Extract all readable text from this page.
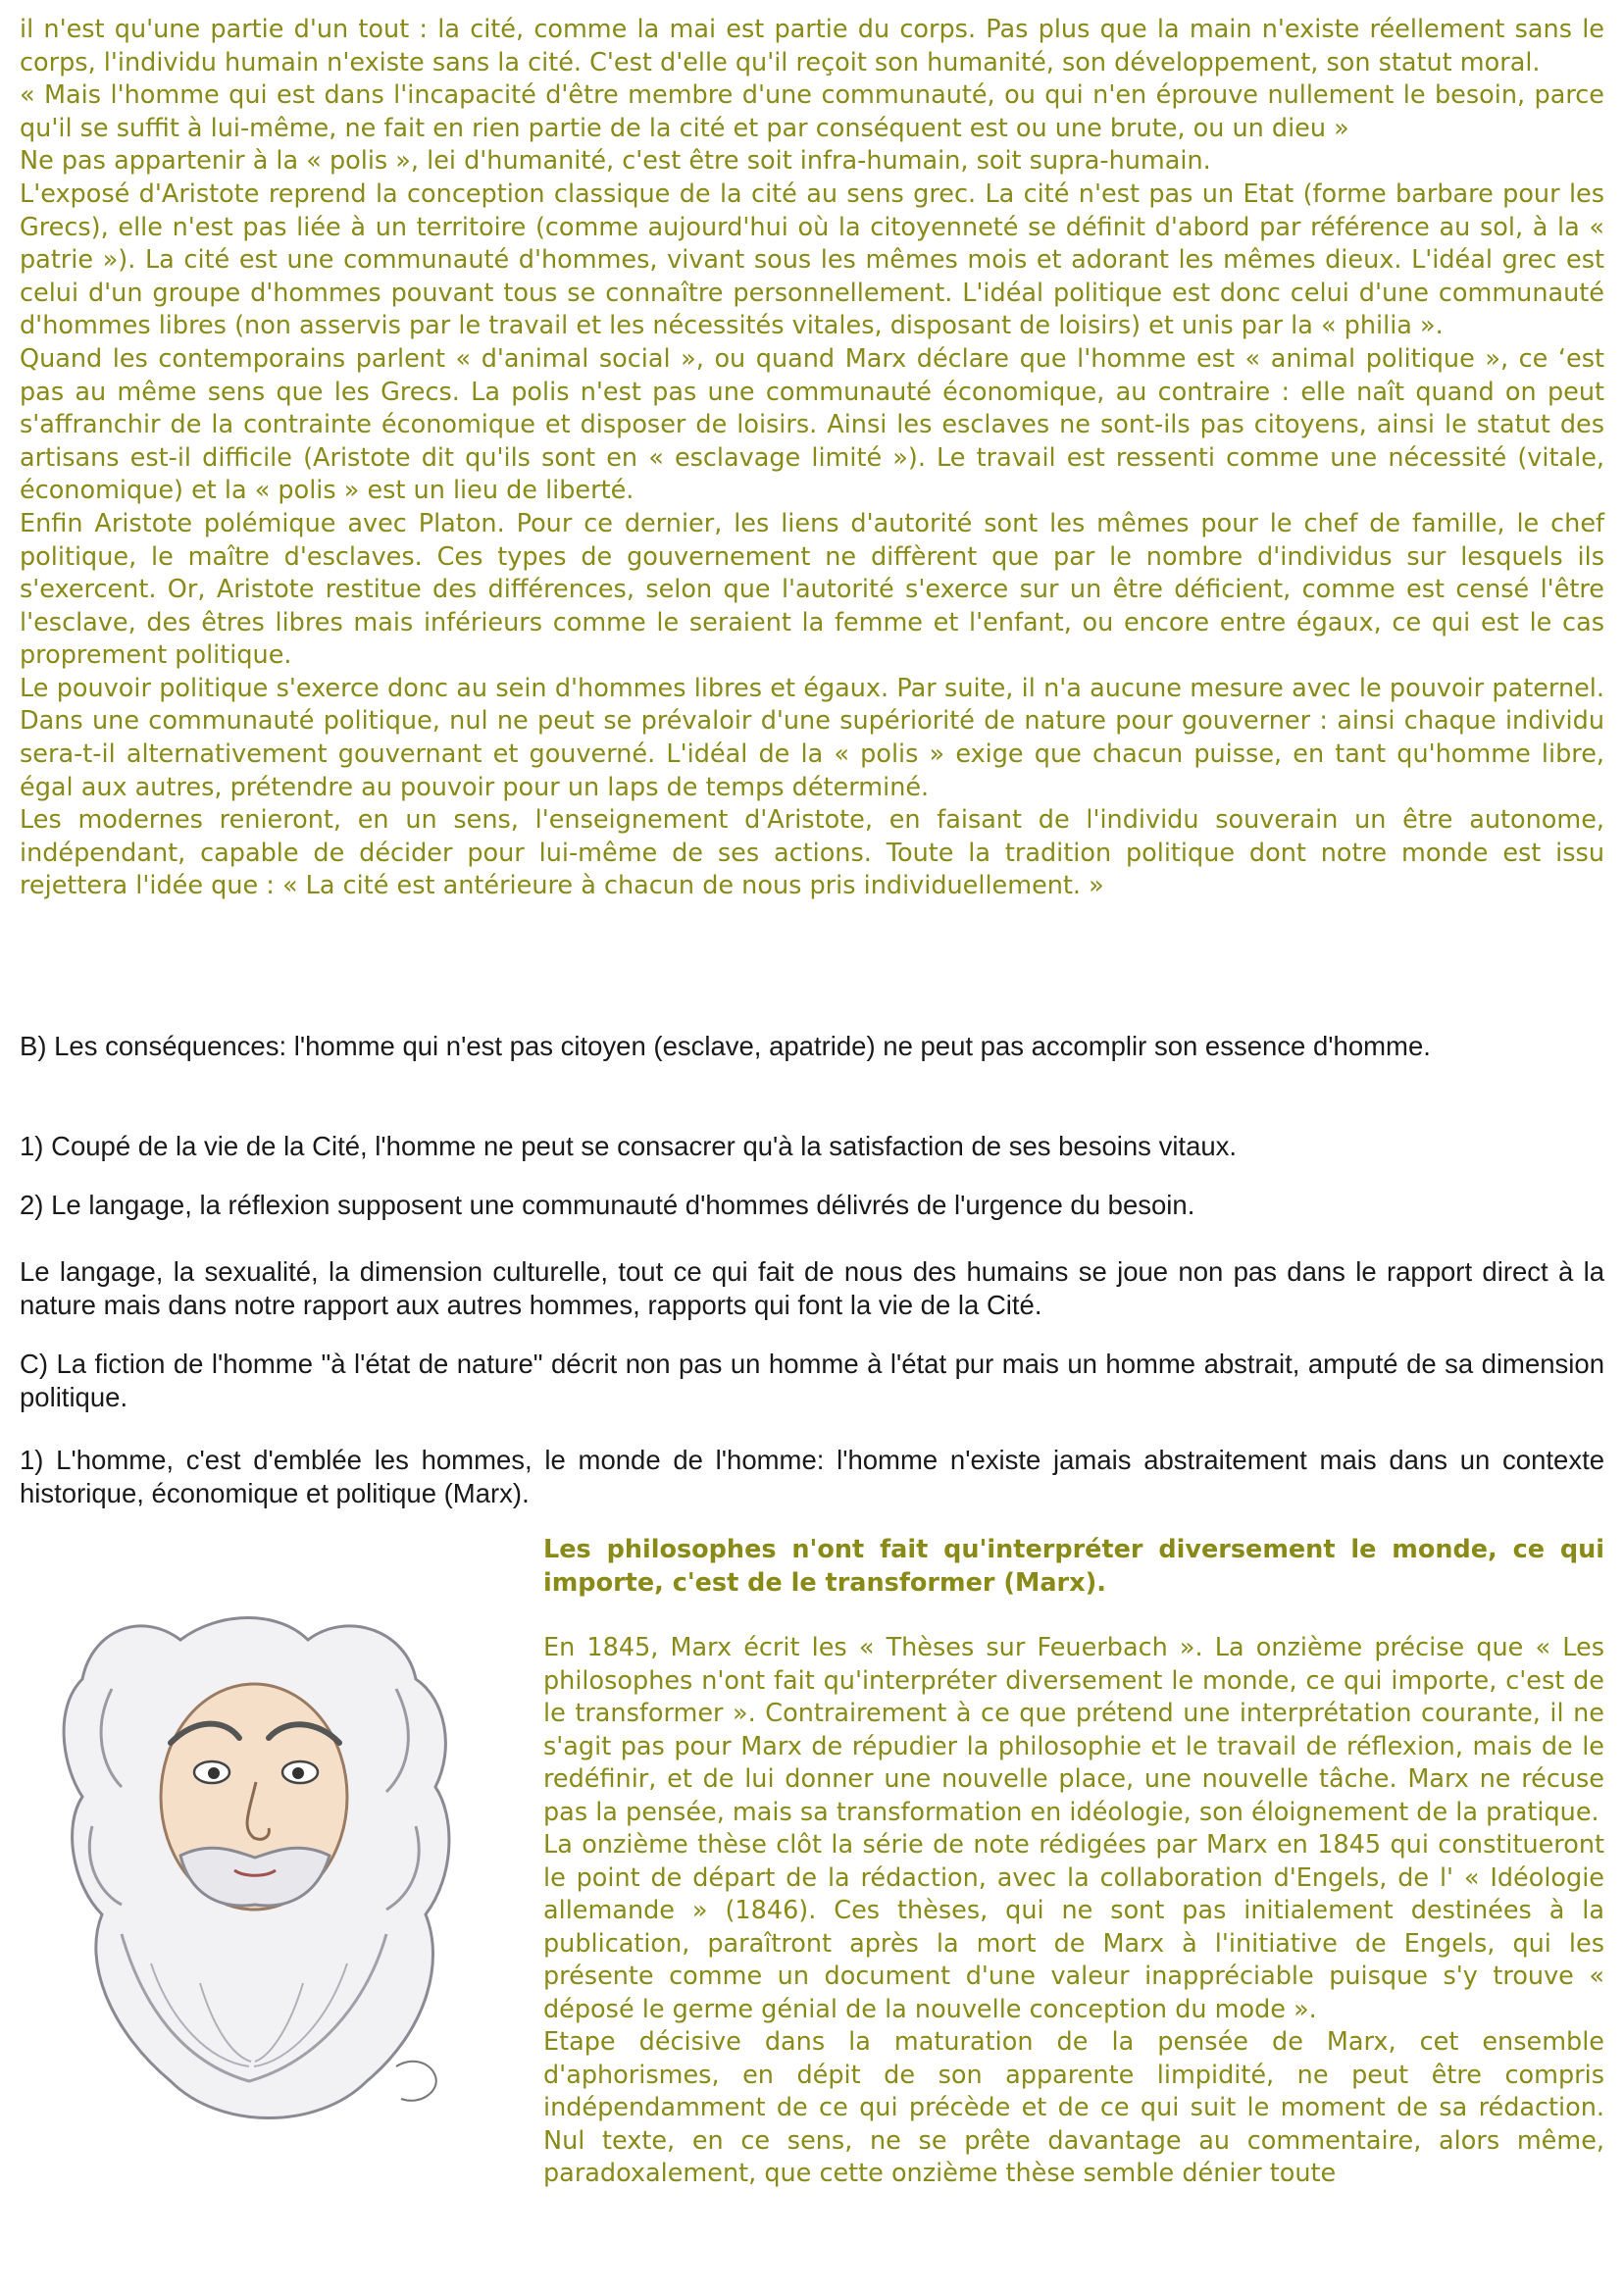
il n'est qu'une partie d'un tout : la cité, comme la mai est partie du corps. Pas plus que la main n'existe réellement sans le corps, l'individu humain n'existe sans la cité. C'est d'elle qu'il reçoit son humanité, son développement, son statut moral.

« Mais l'homme qui est dans l'incapacité d'être membre d'une communauté, ou qui n'en éprouve nullement le besoin, parce qu'il se suffit à lui-même, ne fait en rien partie de la cité et par conséquent est ou une brute, ou un dieu »

Ne pas appartenir à la « polis », lei d'humanité, c'est être soit infra-humain, soit supra-humain.

L'exposé d'Aristote reprend la conception classique de la cité au sens grec. La cité n'est pas un Etat (forme barbare pour les Grecs), elle n'est pas liée à un territoire (comme aujourd'hui où la citoyenneté se définit d'abord par référence au sol, à la « patrie »). La cité est une communauté d'hommes, vivant sous les mêmes mois et adorant les mêmes dieux. L'idéal grec est celui d'un groupe d'hommes pouvant tous se connaître personnellement. L'idéal politique est donc celui d'une communauté d'hommes libres (non asservis par le travail et les nécessités vitales, disposant de loisirs) et unis par la « philia ».

Quand les contemporains parlent « d'animal social », ou quand Marx déclare que l'homme est « animal politique », ce ‘est pas au même sens que les Grecs. La polis n'est pas une communauté économique, au contraire : elle naît quand on peut s'affranchir de la contrainte économique et disposer de loisirs. Ainsi les esclaves ne sont-ils pas citoyens, ainsi le statut des artisans est-il difficile (Aristote dit qu'ils sont en « esclavage limité »). Le travail est ressenti comme une nécessité (vitale, économique) et la « polis » est un lieu de liberté.

Enfin Aristote polémique avec Platon. Pour ce dernier, les liens d'autorité sont les mêmes pour le chef de famille, le chef politique, le maître d'esclaves. Ces types de gouvernement ne diffèrent que par le nombre d'individus sur lesquels ils s'exercent. Or, Aristote restitue des différences, selon que l'autorité s'exerce sur un être déficient, comme est censé l'être l'esclave, des êtres libres mais inférieurs comme le seraient la femme et l'enfant, ou encore entre égaux, ce qui est le cas proprement politique.

Le pouvoir politique s'exerce donc au sein d'hommes libres et égaux. Par suite, il n'a aucune mesure avec le pouvoir paternel. Dans une communauté politique, nul ne peut se prévaloir d'une supériorité de nature pour gouverner : ainsi chaque individu sera-t-il alternativement gouvernant et gouverné. L'idéal de la « polis » exige que chacun puisse, en tant qu'homme libre, égal aux autres, prétendre au pouvoir pour un laps de temps déterminé.

Les modernes renieront, en un sens, l'enseignement d'Aristote, en faisant de l'individu souverain un être autonome, indépendant, capable de décider pour lui-même de ses actions. Toute la tradition politique dont notre monde est issu rejettera l'idée que : « La cité est antérieure à chacun de nous pris individuellement. »

B) Les conséquences: l'homme qui n'est pas citoyen (esclave, apatride) ne peut pas accomplir son essence d'homme.

1) Coupé de la vie de la Cité, l'homme ne peut se consacrer qu'à la satisfaction de ses besoins vitaux.

2) Le langage, la réflexion supposent une communauté d'hommes délivrés de l'urgence du besoin.

Le langage, la sexualité, la dimension culturelle, tout ce qui fait de nous des humains se joue non pas dans le rapport direct à la nature mais dans notre rapport aux autres hommes, rapports qui font la vie de la Cité.

C) La fiction de l'homme "à l'état de nature" décrit non pas un homme à l'état pur mais un homme abstrait, amputé de sa dimension politique.

1) L'homme, c'est d'emblée les hommes, le monde de l'homme: l'homme n'existe jamais abstraitement mais dans un contexte historique, économique et politique (Marx).

Les philosophes n'ont fait qu'interpréter diversement le monde, ce qui importe, c'est de le transformer (Marx).

En 1845, Marx écrit les « Thèses sur Feuerbach ». La onzième précise que « Les philosophes n'ont fait qu'interpréter diversement le monde, ce qui importe, c'est de le transformer ». Contrairement à ce que prétend une interprétation courante, il ne s'agit pas pour Marx de répudier la philosophie et le travail de réflexion, mais de le redéfinir, et de lui donner une nouvelle place, une nouvelle tâche. Marx ne récuse pas la pensée, mais sa transformation en idéologie, son éloignement de la pratique.

La onzième thèse clôt la série de note rédigées par Marx en 1845 qui constitueront le point de départ de la rédaction, avec la collaboration d'Engels, de l' « Idéologie allemande » (1846). Ces thèses, qui ne sont pas initialement destinées à la publication, paraîtront après la mort de Marx à l'initiative de Engels, qui les présente comme un document d'une valeur inappréciable puisque s'y trouve « déposé le germe génial de la nouvelle conception du mode ».

Etape décisive dans la maturation de la pensée de Marx, cet ensemble d'aphorismes, en dépit de son apparente limpidité, ne peut être compris indépendamment de ce qui précède et de ce qui suit le moment de sa rédaction. Nul texte, en ce sens, ne se prête davantage au commentaire, alors même, paradoxalement, que cette onzième thèse semble dénier toute
